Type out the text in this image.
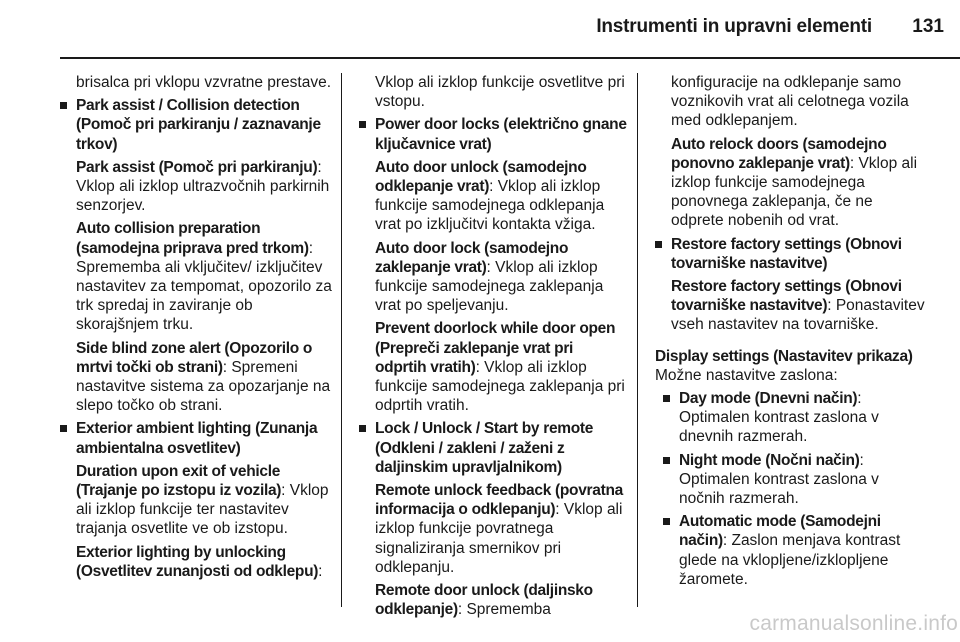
Instrumenti in upravni elementi	131

brisalca pri vklopu vzvratne prestave.

Park assist / Collision detection (Pomoč pri parkiranju / zaznavanje trkov)

Park assist (Pomoč pri parkiranju): Vklop ali izklop ultrazvočnih parkirnih senzorjev.

Auto collision preparation (samodejna priprava pred trkom): Sprememba ali vključitev/ izključitev nastavitev za tempomat, opozorilo za trk spredaj in zaviranje ob skorajšnjem trku.

Side blind zone alert (Opozorilo o mrtvi točki ob strani): Spremeni nastavitve sistema za opozarjanje na slepo točko ob strani.

Exterior ambient lighting (Zunanja ambientalna osvetlitev)

Duration upon exit of vehicle (Trajanje po izstopu iz vozila): Vklop ali izklop funkcije ter nastavitev trajanja osvetlite ve ob izstopu.

Exterior lighting by unlocking (Osvetlitev zunanjosti od odklepu):

Vklop ali izklop funkcije osvetlitve pri vstopu.

Power door locks (električno gnane ključavnice vrat)

Auto door unlock (samodejno odklepanje vrat): Vklop ali izklop funkcije samodejnega odklepanja vrat po izključitvi kontakta vžiga.

Auto door lock (samodejno zaklepanje vrat): Vklop ali izklop funkcije samodejnega zaklepanja vrat po speljevanju.

Prevent doorlock while door open (Prepreči zaklepanje vrat pri odprtih vratih): Vklop ali izklop funkcije samodejnega zaklepanja pri odprtih vratih.

Lock / Unlock / Start by remote (Odkleni / zakleni / zaženi z daljinskim upravljalnikom)

Remote unlock feedback (povratna informacija o odklepanju): Vklop ali izklop funkcije povratnega signaliziranja smernikov pri odklepanju.

Remote door unlock (daljinsko odklepanje): Sprememba

konfiguracije na odklepanje samo voznikovih vrat ali celotnega vozila med odklepanjem.

Auto relock doors (samodejno ponovno zaklepanje vrat): Vklop ali izklop funkcije samodejnega ponovnega zaklepanja, če ne odprete nobenih od vrat.

Restore factory settings (Obnovi tovarniške nastavitve)

Restore factory settings (Obnovi tovarniške nastavitve): Ponastavitev vseh nastavitev na tovarniške.

Display settings (Nastavitev prikaza)

Možne nastavitve zaslona:

Day mode (Dnevni način): Optimalen kontrast zaslona v dnevnih razmerah.

Night mode (Nočni način): Optimalen kontrast zaslona v nočnih razmerah.

Automatic mode (Samodejni način): Zaslon menjava kontrast glede na vklopljene/izklopljene žaromete.

carmanualsonline.info
